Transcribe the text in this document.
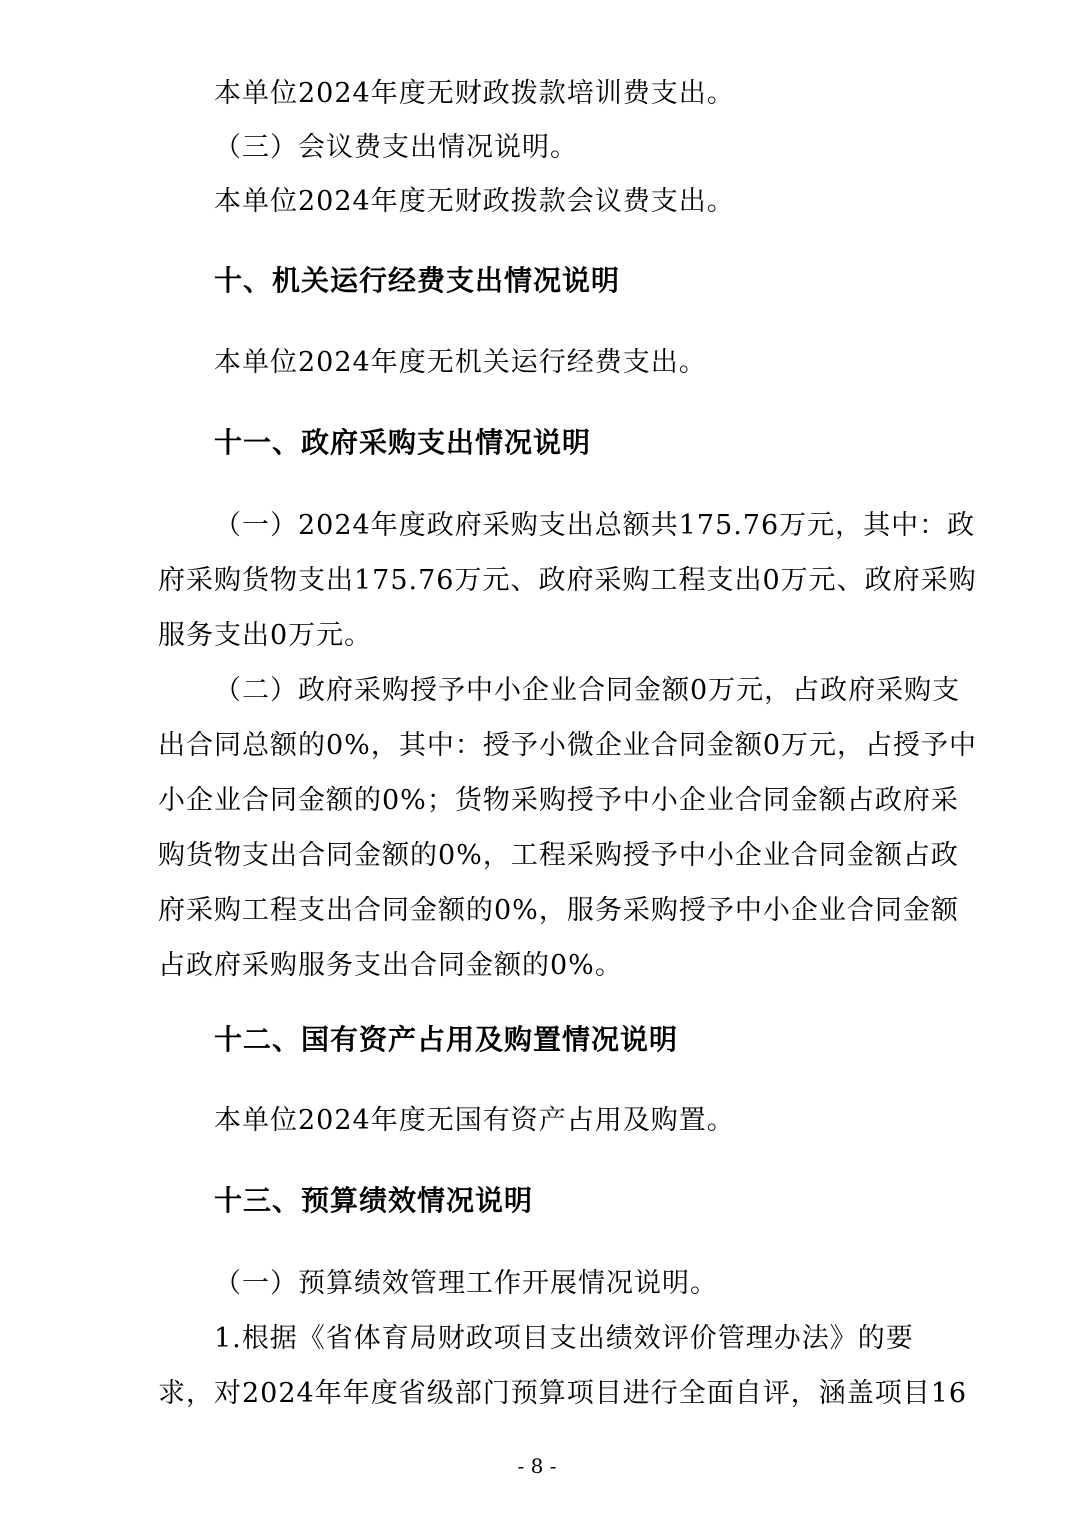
本单位2024年度无财政拨款培训费支出。
（三）会议费支出情况说明。
本单位2024年度无财政拨款会议费支出。
十、机关运行经费支出情况说明
本单位2024年度无机关运行经费支出。
十一、政府采购支出情况说明
（一）2024年度政府采购支出总额共175.76万元，其中：政
府采购货物支出175.76万元、政府采购工程支出0万元、政府采购
服务支出0万元。
（二）政府采购授予中小企业合同金额0万元，占政府采购支
出合同总额的0%，其中：授予小微企业合同金额0万元，占授予中
小企业合同金额的0%；货物采购授予中小企业合同金额占政府采
购货物支出合同金额的0%，工程采购授予中小企业合同金额占政
府采购工程支出合同金额的0%，服务采购授予中小企业合同金额
占政府采购服务支出合同金额的0%。
十二、国有资产占用及购置情况说明
本单位2024年度无国有资产占用及购置。
十三、预算绩效情况说明
（一）预算绩效管理工作开展情况说明。
1.根据《省体育局财政项目支出绩效评价管理办法》的要
求，对2024年年度省级部门预算项目进行全面自评，涵盖项目16
- 8 -
